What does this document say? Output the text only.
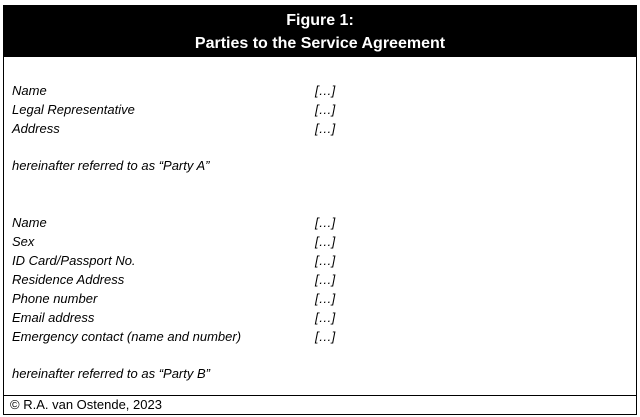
Figure 1:
Parties to the Service Agreement
Name	[…]
Legal Representative	[…]
Address	[…]
hereinafter referred to as “Party A”
Name	[…]
Sex	[…]
ID Card/Passport No.	[…]
Residence Address	[…]
Phone number	[…]
Email address	[…]
Emergency contact (name and number)	[…]
hereinafter referred to as “Party B”
© R.A. van Ostende, 2023
